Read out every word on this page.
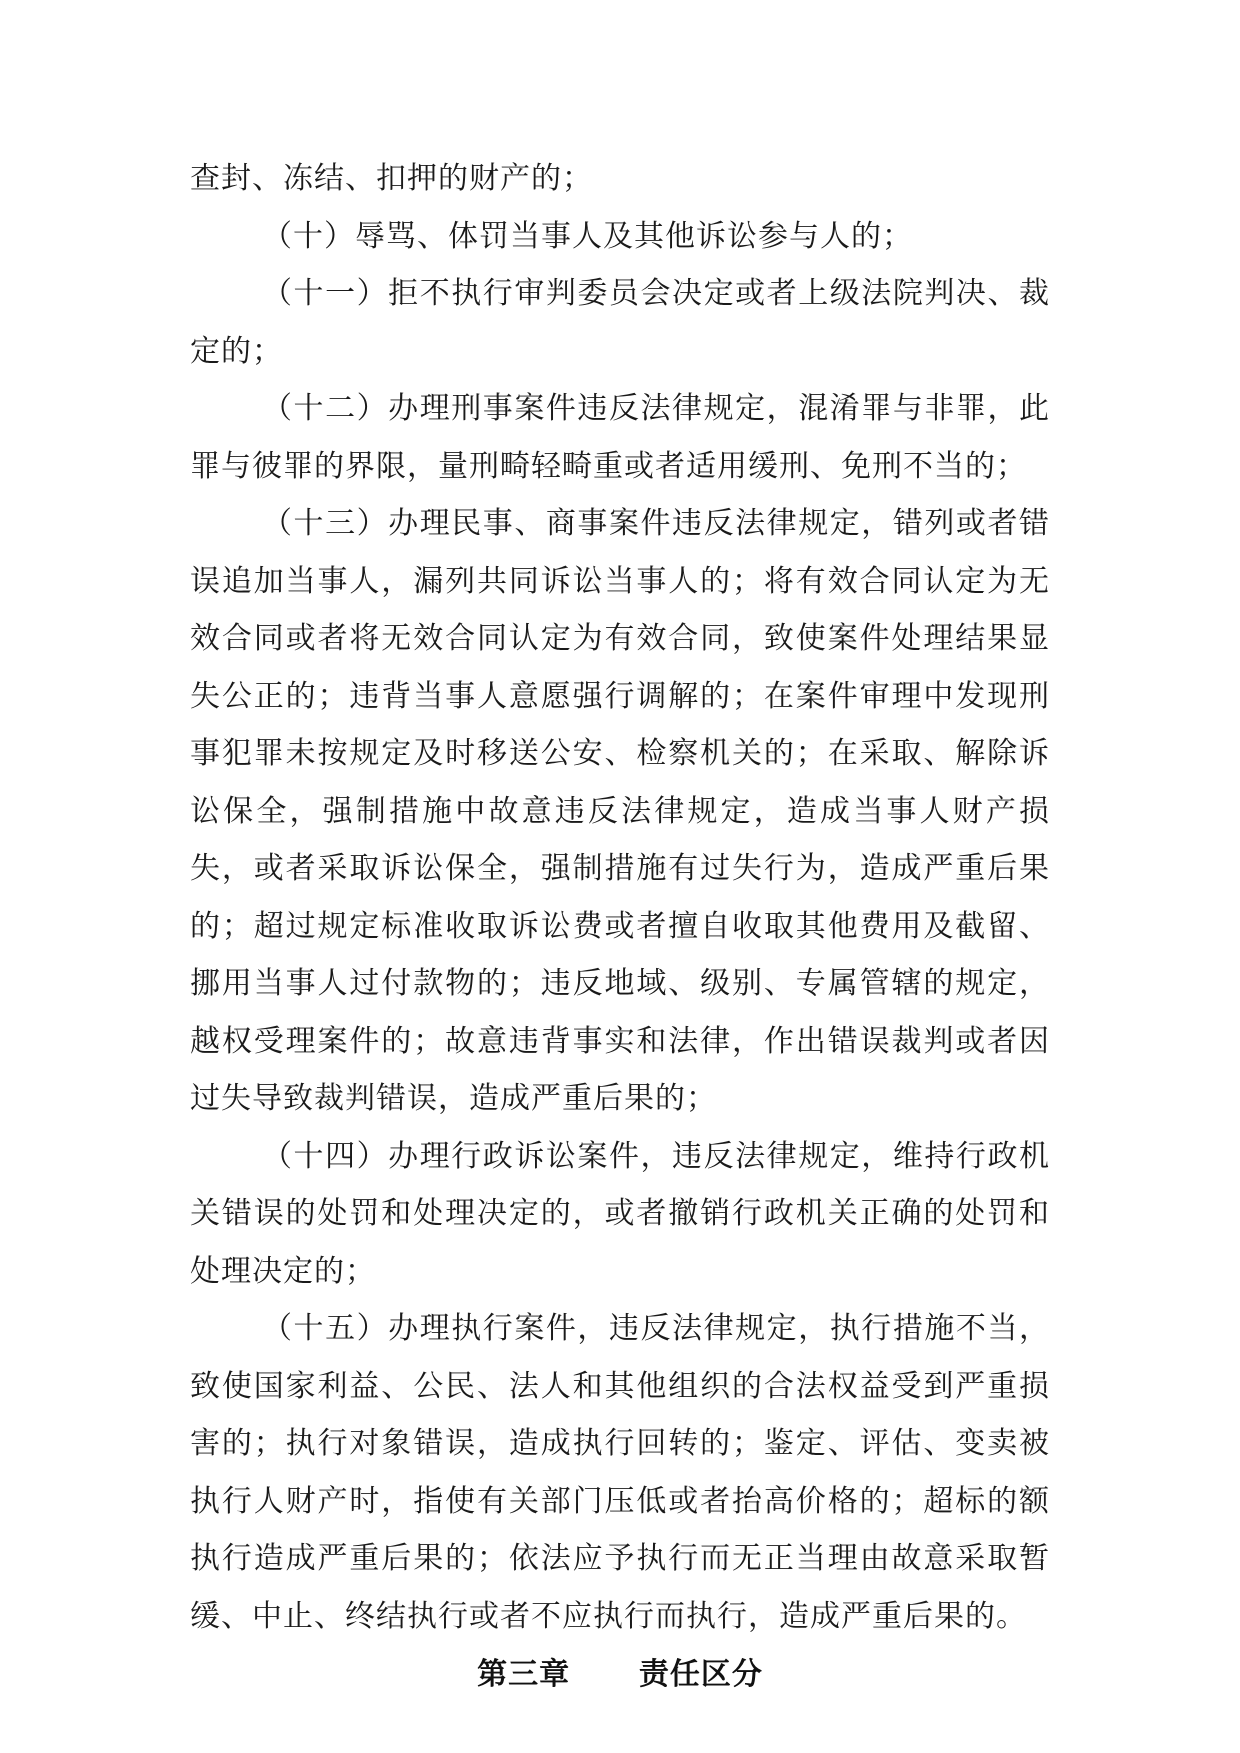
查封、冻结、扣押的财产的；

（十）辱骂、体罚当事人及其他诉讼参与人的；

（十一）拒不执行审判委员会决定或者上级法院判决、裁定的；

（十二）办理刑事案件违反法律规定，混淆罪与非罪，此罪与彼罪的界限，量刑畸轻畸重或者适用缓刑、免刑不当的；

（十三）办理民事、商事案件违反法律规定，错列或者错误追加当事人，漏列共同诉讼当事人的；将有效合同认定为无效合同或者将无效合同认定为有效合同，致使案件处理结果显失公正的；违背当事人意愿强行调解的；在案件审理中发现刑事犯罪未按规定及时移送公安、检察机关的；在采取、解除诉讼保全，强制措施中故意违反法律规定，造成当事人财产损失，或者采取诉讼保全，强制措施有过失行为，造成严重后果的；超过规定标准收取诉讼费或者擅自收取其他费用及截留、挪用当事人过付款物的；违反地域、级别、专属管辖的规定，越权受理案件的；故意违背事实和法律，作出错误裁判或者因过失导致裁判错误，造成严重后果的；

（十四）办理行政诉讼案件，违反法律规定，维持行政机关错误的处罚和处理决定的，或者撤销行政机关正确的处罚和处理决定的；

（十五）办理执行案件，违反法律规定，执行措施不当，致使国家利益、公民、法人和其他组织的合法权益受到严重损害的；执行对象错误，造成执行回转的；鉴定、评估、变卖被执行人财产时，指使有关部门压低或者抬高价格的；超标的额执行造成严重后果的；依法应予执行而无正当理由故意采取暂缓、中止、终结执行或者不应执行而执行，造成严重后果的。

第三章      责任区分
